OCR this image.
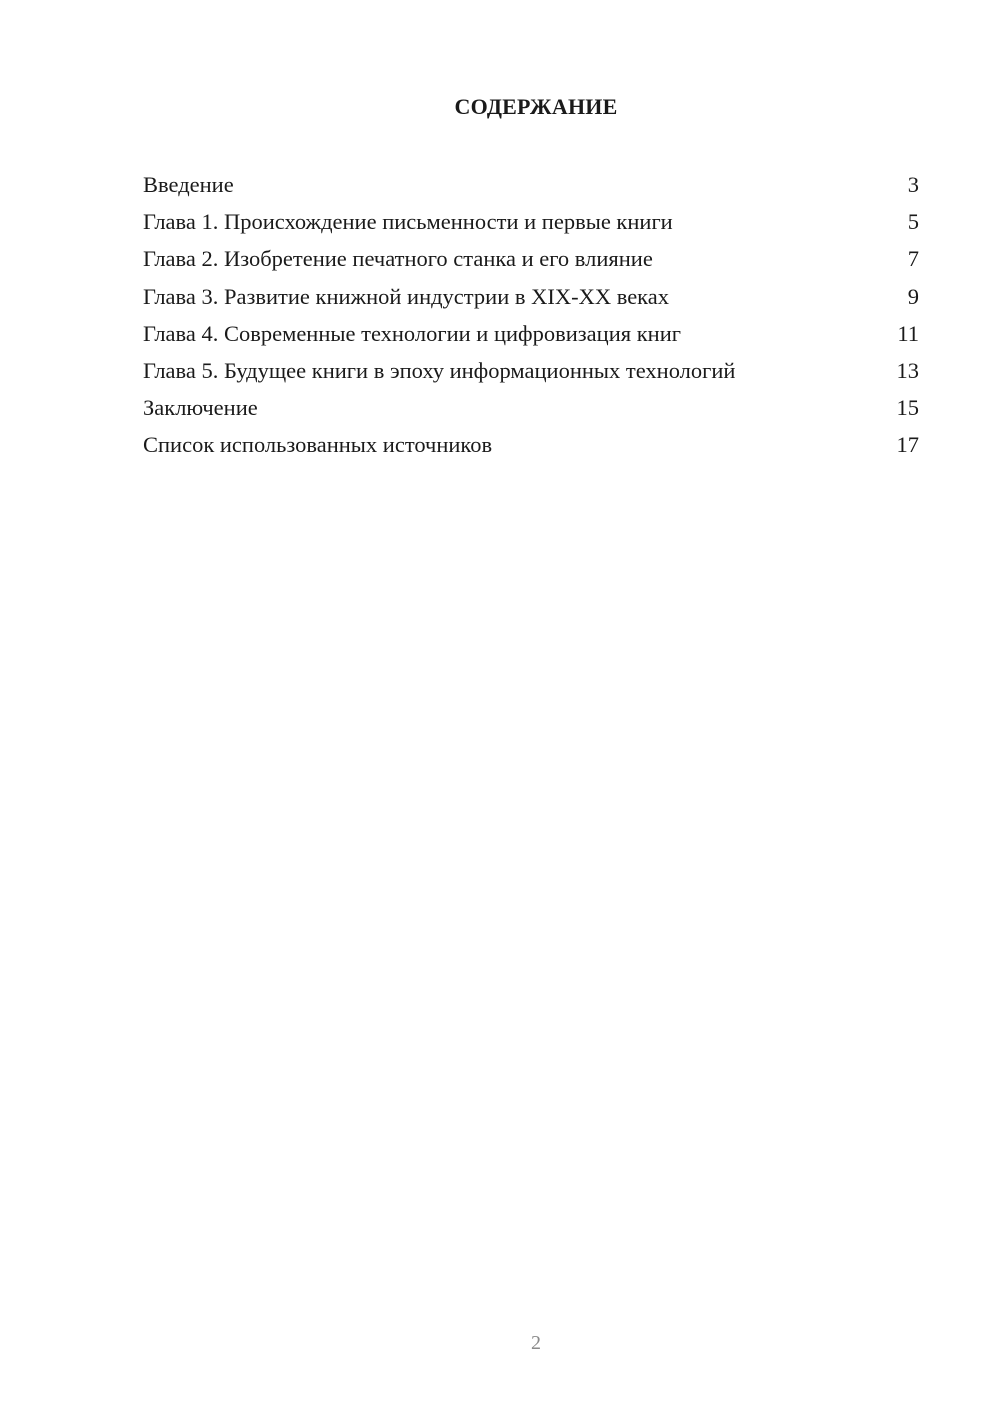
СОДЕРЖАНИЕ
Введение	3
Глава 1. Происхождение письменности и первые книги	5
Глава 2. Изобретение печатного станка и его влияние	7
Глава 3. Развитие книжной индустрии в XIX-XX веках	9
Глава 4. Современные технологии и цифровизация книг	11
Глава 5. Будущее книги в эпоху информационных технологий	13
Заключение	15
Список использованных источников	17
2
